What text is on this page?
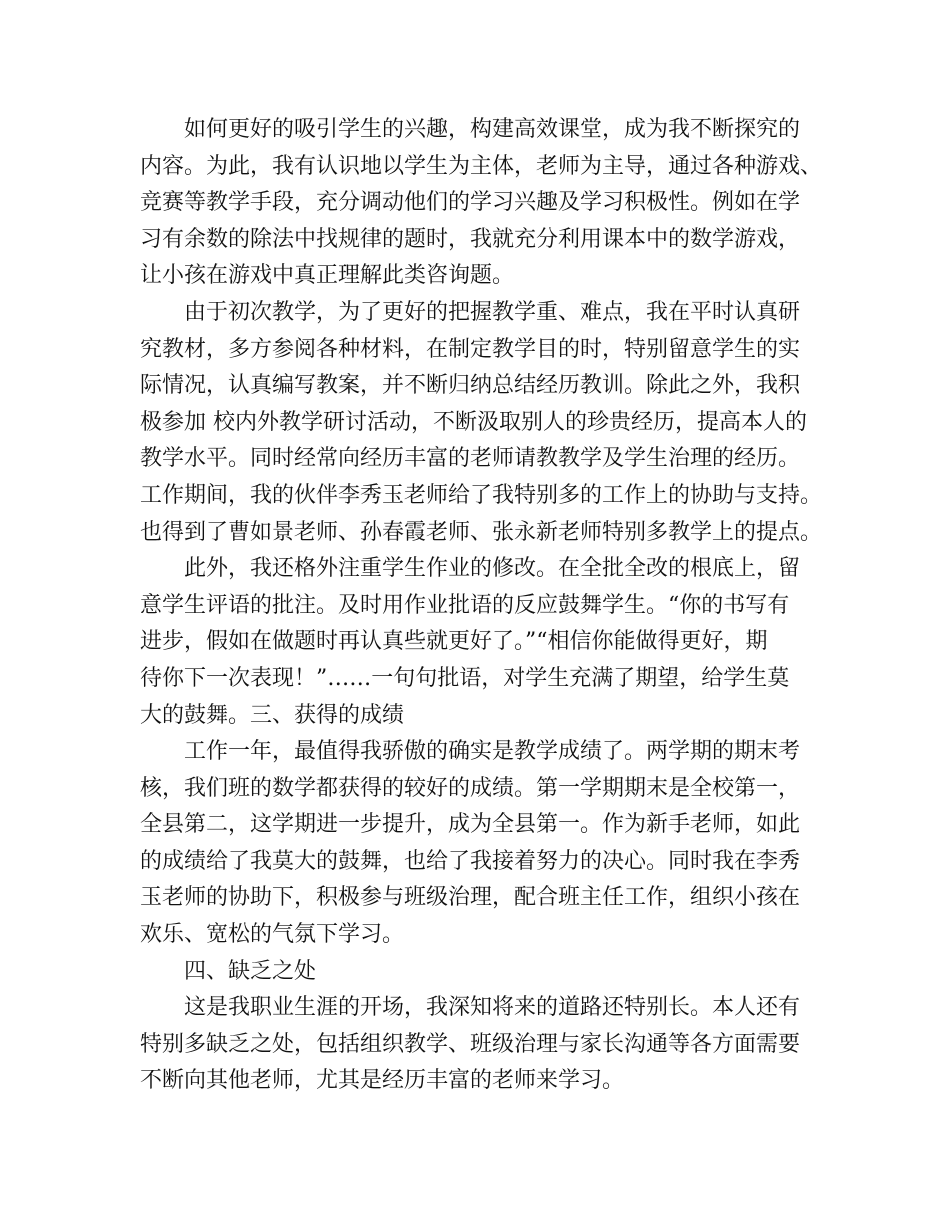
如何更好的吸引学生的兴趣，构建高效课堂，成为我不断探究的
内容。为此，我有认识地以学生为主体，老师为主导，通过各种游戏、
竞赛等教学手段，充分调动他们的学习兴趣及学习积极性。例如在学
习有余数的除法中找规律的题时，我就充分利用课本中的数学游戏，
让小孩在游戏中真正理解此类咨询题。
由于初次教学，为了更好的把握教学重、难点，我在平时认真研
究教材，多方参阅各种材料，在制定教学目的时，特别留意学生的实
际情况，认真编写教案，并不断归纳总结经历教训。除此之外，我积
极参加 校内外教学研讨活动，不断汲取别人的珍贵经历，提高本人的
教学水平。同时经常向经历丰富的老师请教教学及学生治理的经历。
工作期间，我的伙伴李秀玉老师给了我特别多的工作上的协助与支持。
也得到了曹如景老师、孙春霞老师、张永新老师特别多教学上的提点。
此外，我还格外注重学生作业的修改。在全批全改的根底上，留
意学生评语的批注。及时用作业批语的反应鼓舞学生。“你的书写有
进步，假如在做题时再认真些就更好了。”“相信你能做得更好，期
待你下一次表现！”……一句句批语，对学生充满了期望，给学生莫
大的鼓舞。三、获得的成绩
工作一年，最值得我骄傲的确实是教学成绩了。两学期的期末考
核，我们班的数学都获得的较好的成绩。第一学期期末是全校第一，
全县第二，这学期进一步提升，成为全县第一。作为新手老师，如此
的成绩给了我莫大的鼓舞，也给了我接着努力的决心。同时我在李秀
玉老师的协助下，积极参与班级治理，配合班主任工作，组织小孩在
欢乐、宽松的气氛下学习。
四、缺乏之处
这是我职业生涯的开场，我深知将来的道路还特别长。本人还有
特别多缺乏之处，包括组织教学、班级治理与家长沟通等各方面需要
不断向其他老师，尤其是经历丰富的老师来学习。
